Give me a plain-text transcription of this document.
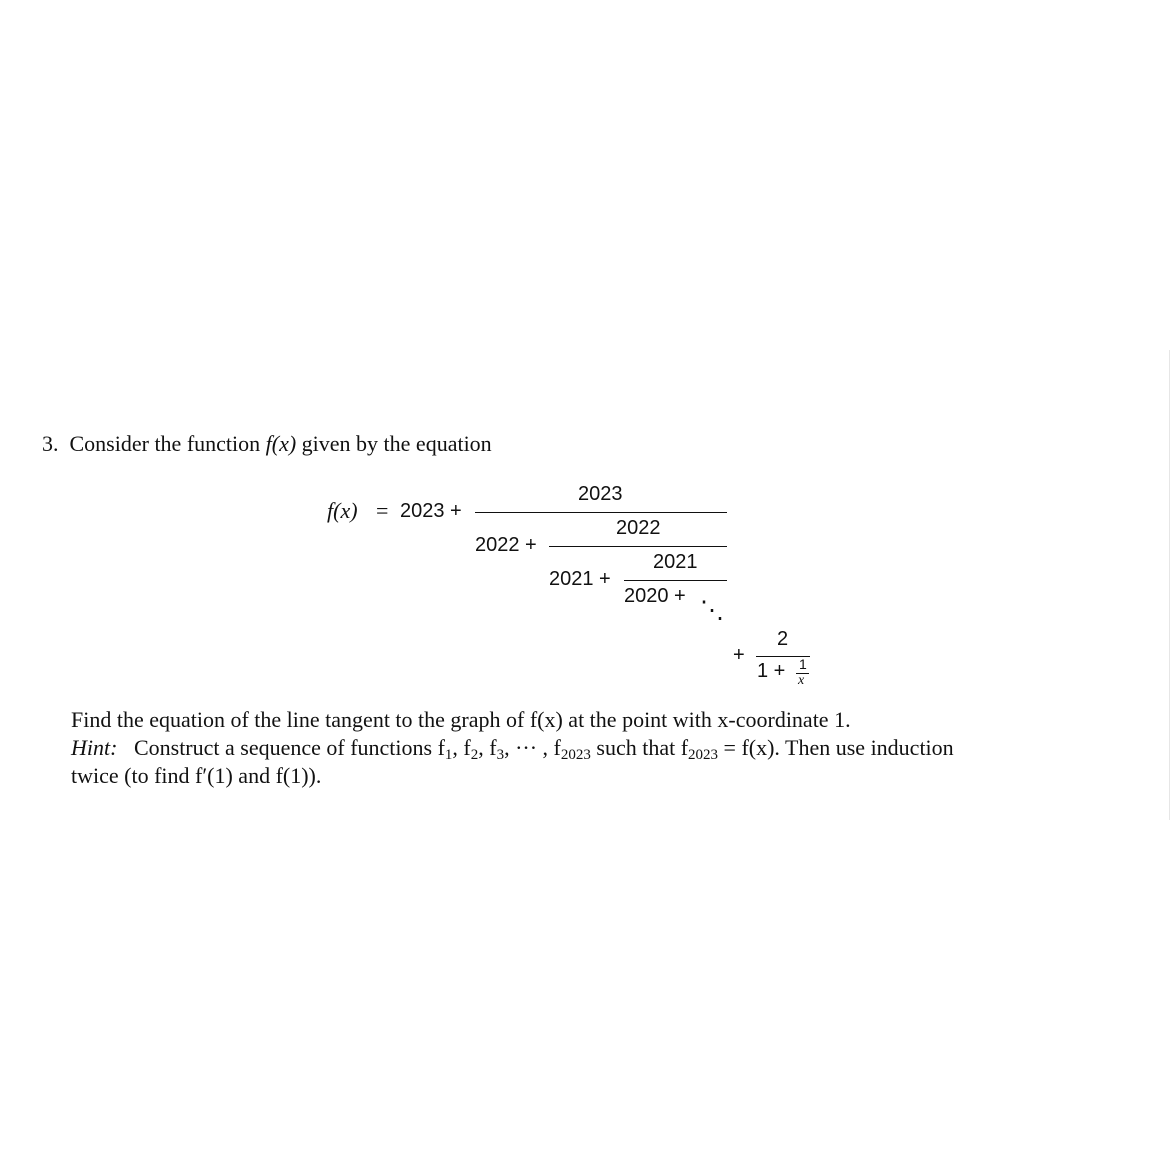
3. Consider the function f(x) given by the equation
f(x) = 2023 +
2023
2022 +
2022
2021 +
2021
2020 +
⋱
+
2
1 + 1
x
Find the equation of the line tangent to the graph of f(x) at the point with x-coordinate 1.
Hint: Construct a sequence of functions $f_1$, $f_2$, $f_3$, ··· , $f_{2023}$ such that $f_{2023} = f(x)$. Then use induction
twice (to find f′(1) and f(1)).
